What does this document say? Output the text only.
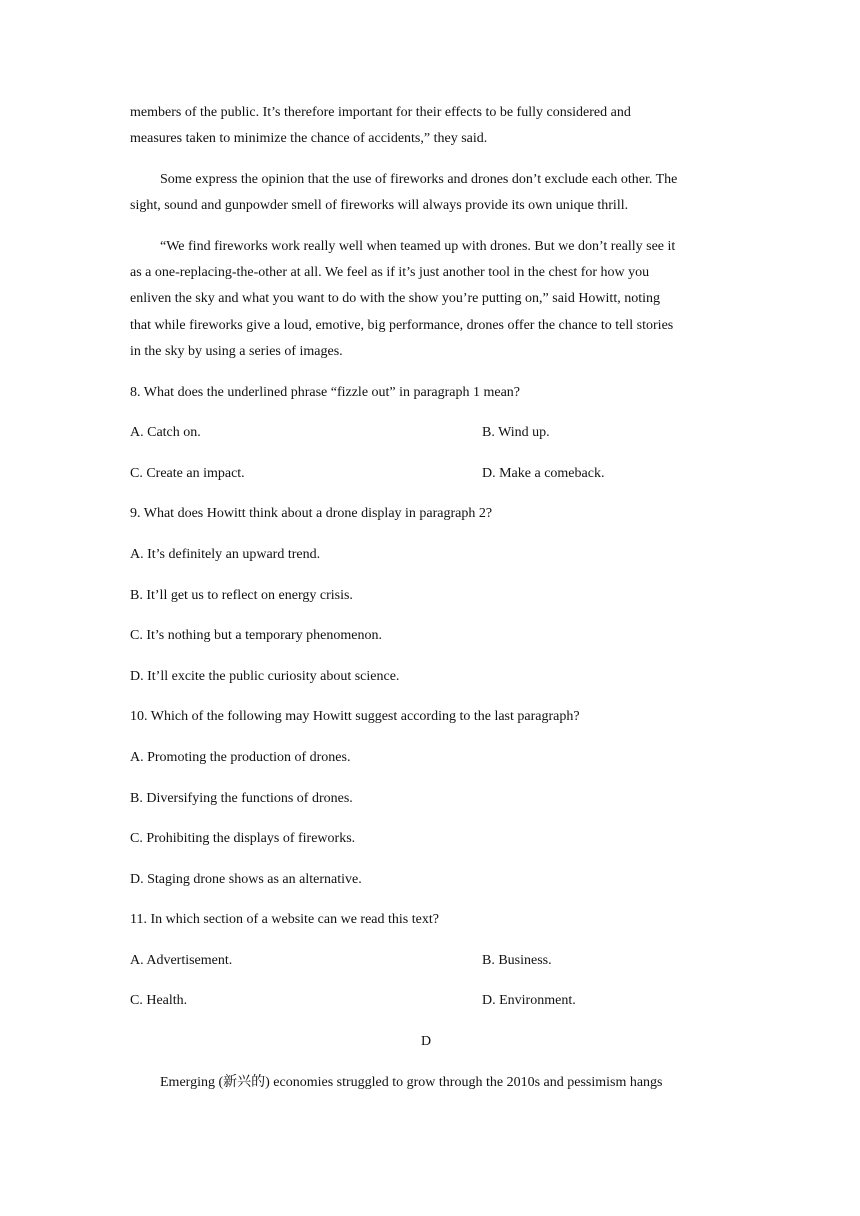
members of the public. It’s therefore important for their effects to be fully considered and
measures taken to minimize the chance of accidents,” they said.
Some express the opinion that the use of fireworks and drones don’t exclude each other. The
sight, sound and gunpowder smell of fireworks will always provide its own unique thrill.
“We find fireworks work really well when teamed up with drones. But we don’t really see it
as a one-replacing-the-other at all. We feel as if it’s just another tool in the chest for how you
enliven the sky and what you want to do with the show you’re putting on,” said Howitt, noting
that while fireworks give a loud, emotive, big performance, drones offer the chance to tell stories
in the sky by using a series of images.
8. What does the underlined phrase “fizzle out” in paragraph 1 mean?
A. Catch on.	B. Wind up.
C. Create an impact.	D. Make a comeback.
9. What does Howitt think about a drone display in paragraph 2?
A. It’s definitely an upward trend.
B. It’ll get us to reflect on energy crisis.
C. It’s nothing but a temporary phenomenon.
D. It’ll excite the public curiosity about science.
10. Which of the following may Howitt suggest according to the last paragraph?
A. Promoting the production of drones.
B. Diversifying the functions of drones.
C. Prohibiting the displays of fireworks.
D. Staging drone shows as an alternative.
11. In which section of a website can we read this text?
A. Advertisement.	B. Business.
C. Health.	D. Environment.
D
Emerging (新兴的) economies struggled to grow through the 2010s and pessimism hangs
